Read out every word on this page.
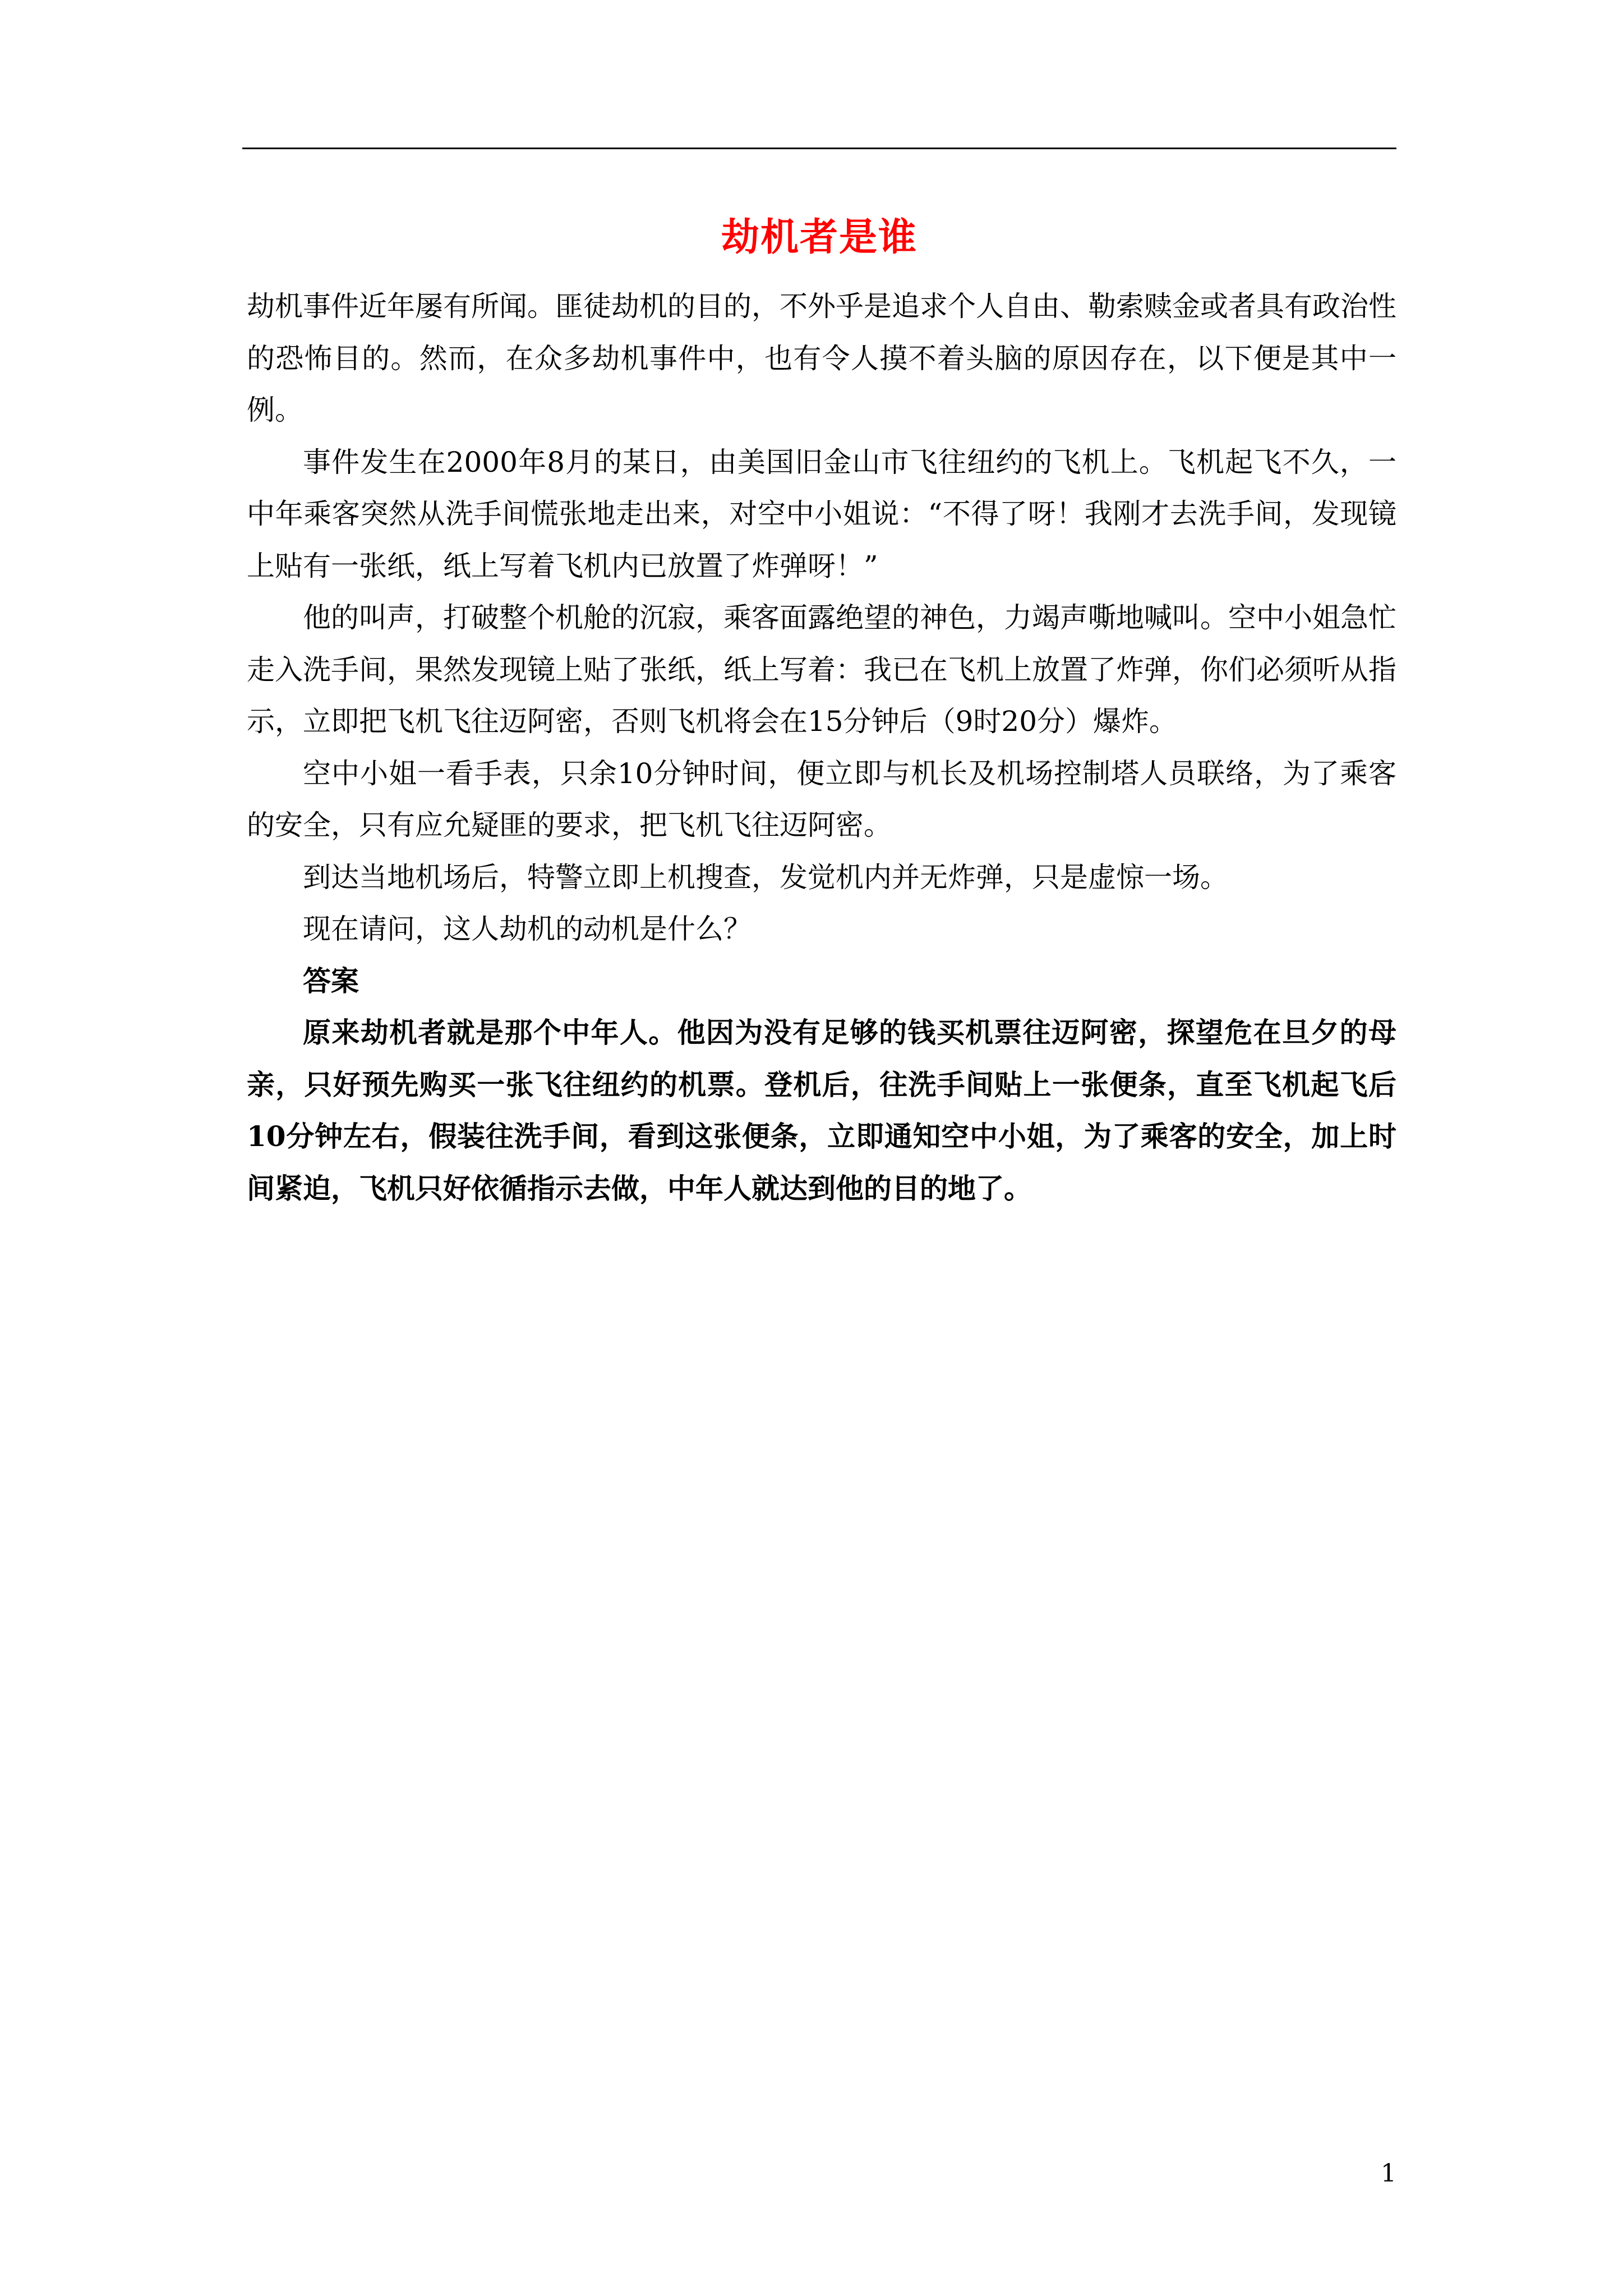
劫机者是谁

劫机事件近年屡有所闻。匪徒劫机的目的，不外乎是追求个人自由、勒索赎金或者具有政治性的恐怖目的。然而，在众多劫机事件中，也有令人摸不着头脑的原因存在，以下便是其中一例。

事件发生在2000年8月的某日，由美国旧金山市飞往纽约的飞机上。飞机起飞不久，一中年乘客突然从洗手间慌张地走出来，对空中小姐说：“不得了呀！我刚才去洗手间，发现镜上贴有一张纸，纸上写着飞机内已放置了炸弹呀！”

他的叫声，打破整个机舱的沉寂，乘客面露绝望的神色，力竭声嘶地喊叫。空中小姐急忙走入洗手间，果然发现镜上贴了张纸，纸上写着：我已在飞机上放置了炸弹，你们必须听从指示，立即把飞机飞往迈阿密，否则飞机将会在15分钟后（9时20分）爆炸。

空中小姐一看手表，只余10分钟时间，便立即与机长及机场控制塔人员联络，为了乘客的安全，只有应允疑匪的要求，把飞机飞往迈阿密。

到达当地机场后，特警立即上机搜查，发觉机内并无炸弹，只是虚惊一场。

现在请问，这人劫机的动机是什么？

答案

原来劫机者就是那个中年人。他因为没有足够的钱买机票往迈阿密，探望危在旦夕的母亲，只好预先购买一张飞往纽约的机票。登机后，往洗手间贴上一张便条，直至飞机起飞后10分钟左右，假装往洗手间，看到这张便条，立即通知空中小姐，为了乘客的安全，加上时间紧迫，飞机只好依循指示去做，中年人就达到他的目的地了。

1
